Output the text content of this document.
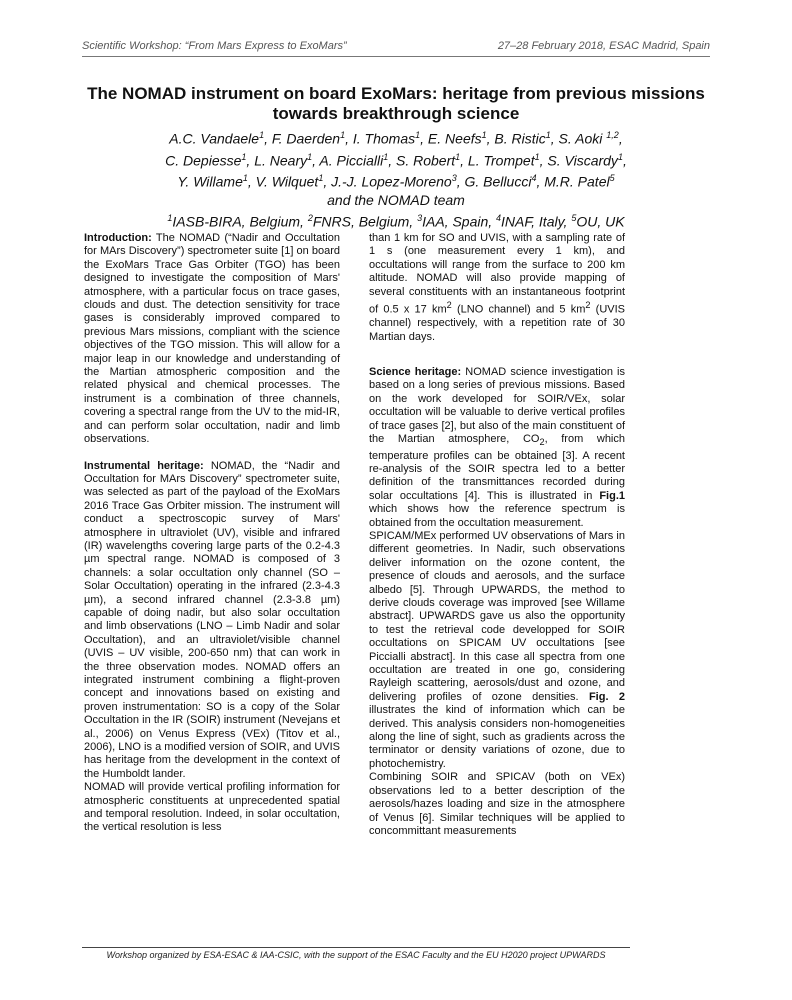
Scientific Workshop: “From Mars Express to ExoMars”	27–28 February 2018, ESAC Madrid, Spain
The NOMAD instrument on board ExoMars: heritage from previous missions towards breakthrough science
A.C. Vandaele$^1$, F. Daerden$^1$, I. Thomas$^1$, E. Neefs$^1$, B. Ristic$^1$, S. Aoki $^{1,2}$,
C. Depiesse$^1$, L. Neary$^1$, A. Piccialli$^1$, S. Robert$^1$, L. Trompet$^1$, S. Viscardy$^1$,
Y. Willame$^1$, V. Wilquet$^1$, J.-J. Lopez-Moreno$^3$, G. Bellucci$^4$, M.R. Patel$^5$
and the NOMAD team
$^1$IASB-BIRA, Belgium, $^2$FNRS, Belgium, $^3$IAA, Spain, $^4$INAF, Italy, $^5$OU, UK

Introduction: The NOMAD (“Nadir and Occultation for MArs Discovery”) spectrometer suite [1] on board the ExoMars Trace Gas Orbiter (TGO) has been designed to investigate the composition of Mars' atmosphere, with a particular focus on trace gases, clouds and dust. The detection sensitivity for trace gases is considerably improved compared to previous Mars missions, compliant with the science objectives of the TGO mission. This will allow for a major leap in our knowledge and understanding of the Martian atmospheric composition and the related physical and chemical processes. The instrument is a combination of three channels, covering a spectral range from the UV to the mid-IR, and can perform solar occultation, nadir and limb observations.

Instrumental heritage: NOMAD, the “Nadir and Occultation for MArs Discovery” spectrometer suite, was selected as part of the payload of the ExoMars 2016 Trace Gas Orbiter mission. The instrument will conduct a spectroscopic survey of Mars' atmosphere in ultraviolet (UV), visible and infrared (IR) wavelengths covering large parts of the 0.2-4.3 µm spectral range. NOMAD is composed of 3 channels: a solar occultation only channel (SO – Solar Occultation) operating in the infrared (2.3-4.3 µm), a second infrared channel (2.3-3.8 µm) capable of doing nadir, but also solar occultation and limb observations (LNO – Limb Nadir and solar Occultation), and an ultraviolet/visible channel (UVIS – UV visible, 200-650 nm) that can work in the three observation modes. NOMAD offers an integrated instrument combining a flight-proven concept and innovations based on existing and proven instrumentation: SO is a copy of the Solar Occultation in the IR (SOIR) instrument (Nevejans et al., 2006) on Venus Express (VEx) (Titov et al., 2006), LNO is a modified version of SOIR, and UVIS has heritage from the development in the context of the Humboldt lander.

NOMAD will provide vertical profiling information for atmospheric constituents at unprecedented spatial and temporal resolution. Indeed, in solar occultation, the vertical resolution is less

than 1 km for SO and UVIS, with a sampling rate of 1 s (one measurement every 1 km), and occultations will range from the surface to 200 km altitude. NOMAD will also provide mapping of several constituents with an instantaneous footprint of 0.5 x 17 $km^2$ (LNO channel) and 5 $km^2$ (UVIS channel) respectively, with a repetition rate of 30 Martian days.

Science heritage: NOMAD science investigation is based on a long series of previous missions. Based on the work developed for SOIR/VEx, solar occultation will be valuable to derive vertical profiles of trace gases [2], but also of the main constituent of the Martian atmosphere, $CO_2$, from which temperature profiles can be obtained [3]. A recent re-analysis of the SOIR spectra led to a better definition of the transmittances recorded during solar occultations [4]. This is illustrated in Fig.1 which shows how the reference spectrum is obtained from the occultation measurement.

SPICAM/MEx performed UV observations of Mars in different geometries. In Nadir, such observations deliver information on the ozone content, the presence of clouds and aerosols, and the surface albedo [5]. Through UPWARDS, the method to derive clouds coverage was improved [see Willame abstract]. UPWARDS gave us also the opportunity to test the retrieval code developped for SOIR occultations on SPICAM UV occultations [see Piccialli abstract]. In this case all spectra from one occultation are treated in one go, considering Rayleigh scattering, aerosols/dust and ozone, and delivering profiles of ozone densities. Fig. 2 illustrates the kind of information which can be derived. This analysis considers non-homogeneities along the line of sight, such as gradients across the terminator or density variations of ozone, due to photochemistry.

Combining SOIR and SPICAV (both on VEx) observations led to a better description of the aerosols/hazes loading and size in the atmosphere of Venus [6]. Similar techniques will be applied to concommittant measurements

Workshop organized by ESA-ESAC & IAA-CSIC, with the support of the ESAC Faculty and the EU H2020 project UPWARDS
